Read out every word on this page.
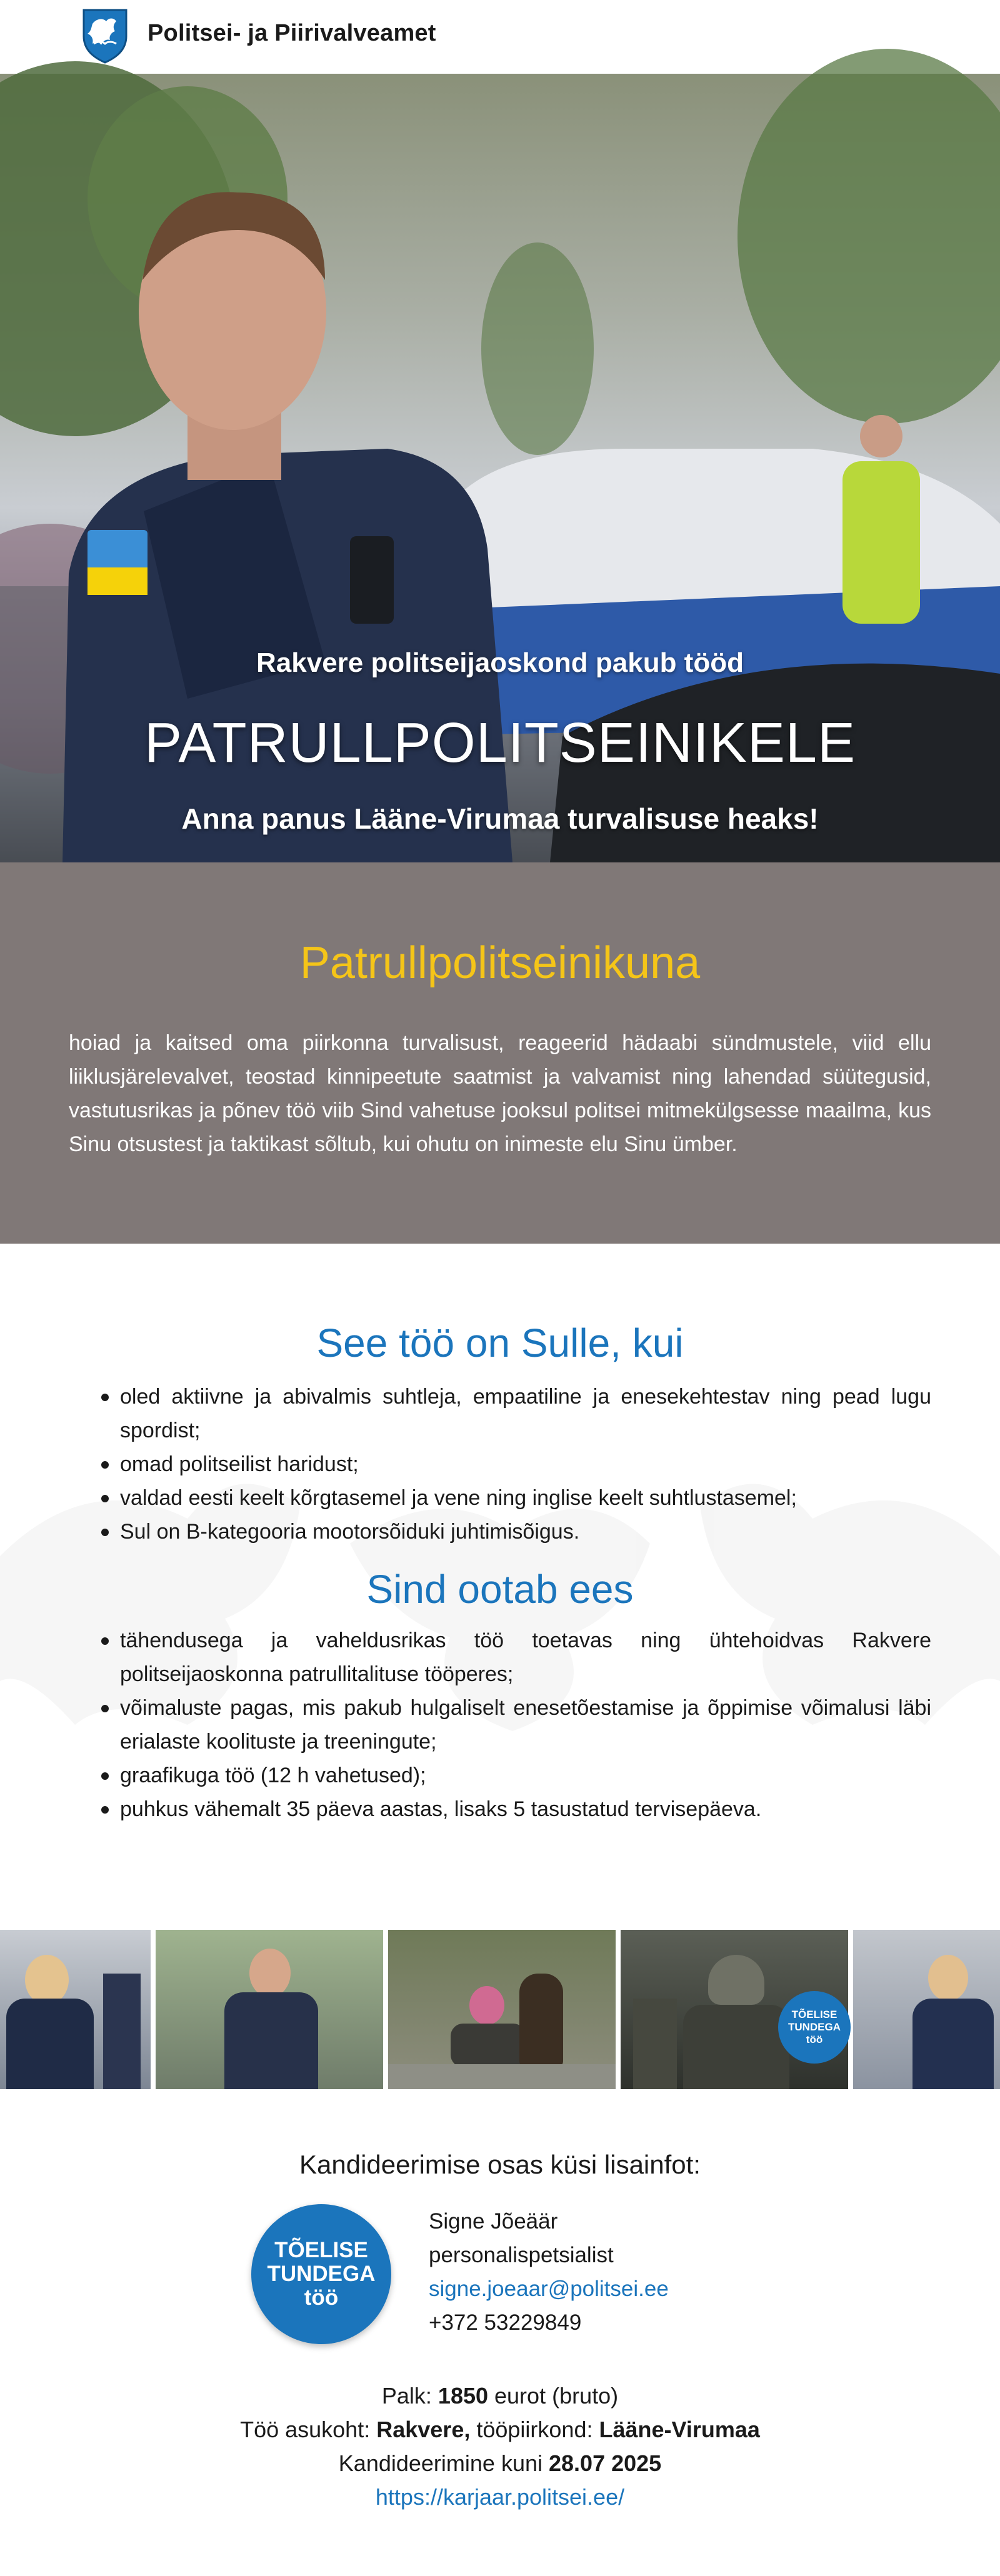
Politsei- ja Piirivalveamet
Rakvere politseijaoskond pakub tööd
PATRULLPOLITSEINIKELE
Anna panus Lääne-Virumaa turvalisuse heaks!
Patrullpolitseinikuna
hoiad ja kaitsed oma piirkonna turvalisust, reageerid hädaabi sündmustele, viid ellu liiklusjärelevalvet, teostad kinnipeetute saatmist ja valvamist ning lahendad süütegusid, vastutusrikas ja põnev töö viib Sind vahetuse jooksul politsei mitmekülgsesse maailma, kus Sinu otsustest ja taktikast sõltub, kui ohutu on inimeste elu Sinu ümber.
See töö on Sulle, kui
oled aktiivne ja abivalmis suhtleja, empaatiline ja enesekehtestav ning pead lugu spordist;
omad politseilist haridust;
valdad eesti keelt kõrgtasemel ja vene ning inglise keelt suhtlustasemel;
Sul on B-kategooria mootorsõiduki juhtimisõigus.
Sind ootab ees
tähendusega ja vaheldusrikas töö toetavas ning ühtehoidvas Rakvere politseijaoskonna patrullitalituse tööperes;
võimaluste pagas, mis pakub hulgaliselt enesetõestamise ja õppimise võimalusi läbi erialaste koolituste ja treeningute;
graafikuga töö (12 h vahetused);
puhkus vähemalt 35 päeva aastas, lisaks 5 tasustatud tervisepäeva.
TÕELISE
TUNDEGA
töö
Kandideerimise osas küsi lisainfot:
TÕELISE
TUNDEGA
töö
Signe Jõeäär
personalispetsialist
signe.joeaar@politsei.ee
+372 53229849
Palk: 1850 eurot (bruto)
Töö asukoht: Rakvere, tööpiirkond: Lääne-Virumaa
Kandideerimine kuni 28.07 2025
https://karjaar.politsei.ee/
